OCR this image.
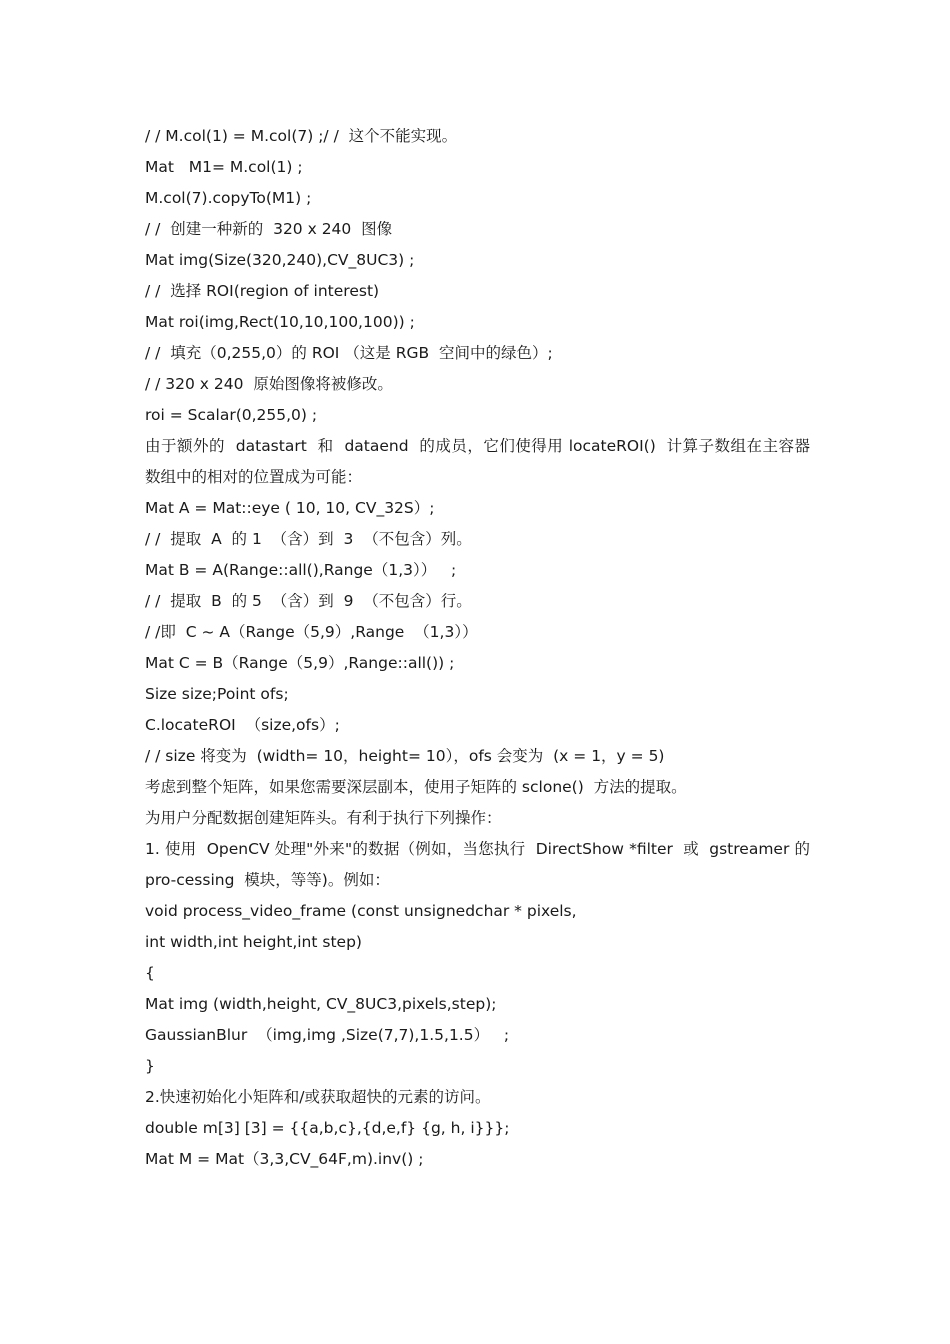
/ / M.col(1) = M.col(7) ;/ /  这个不能实现。
Mat   M1= M.col(1) ;
M.col(7).copyTo(M1) ;
/ /  创建一种新的  320 x 240  图像
Mat img(Size(320,240),CV_8UC3) ;
/ /  选择 ROI(region of interest)
Mat roi(img,Rect(10,10,100,100)) ;
/ /  填充（0,255,0）的 ROI （这是 RGB  空间中的绿色）;
/ / 320 x 240  原始图像将被修改。
roi = Scalar(0,255,0) ;
由于额外的  datastart  和  dataend  的成员，它们使得用 locateROI()  计算子数组在主容器
数组中的相对的位置成为可能：
Mat A = Mat::eye ( 10, 10, CV_32S）;
/ /  提取  A  的 1  （含）到  3  （不包含）列。
Mat B = A(Range::all(),Range（1,3））   ;
/ /  提取  B  的 5  （含）到  9  （不包含）行。
/ /即  C ~ A（Range（5,9）,Range  （1,3））
Mat C = B（Range（5,9）,Range::all()) ;
Size size;Point ofs;
C.locateROI  （size,ofs）;
/ / size 将变为  (width= 10，height= 10），ofs 会变为  (x = 1，y = 5)
考虑到整个矩阵，如果您需要深层副本，使用子矩阵的 sclone()  方法的提取。
为用户分配数据创建矩阵头。有利于执行下列操作：
1. 使用  OpenCV 处理"外来"的数据（例如，当您执行  DirectShow *filter  或  gstreamer 的
pro-cessing  模块，等等)。例如：
void process_video_frame (const unsignedchar * pixels,
int width,int height,int step)
{
Mat img (width,height, CV_8UC3,pixels,step);
GaussianBlur  （img,img ,Size(7,7),1.5,1.5）   ;
}
2.快速初始化小矩阵和/或获取超快的元素的访问。
double m[3] [3] = {{a,b,c},{d,e,f} {g, h, i}}};
Mat M = Mat（3,3,CV_64F,m).inv() ;
